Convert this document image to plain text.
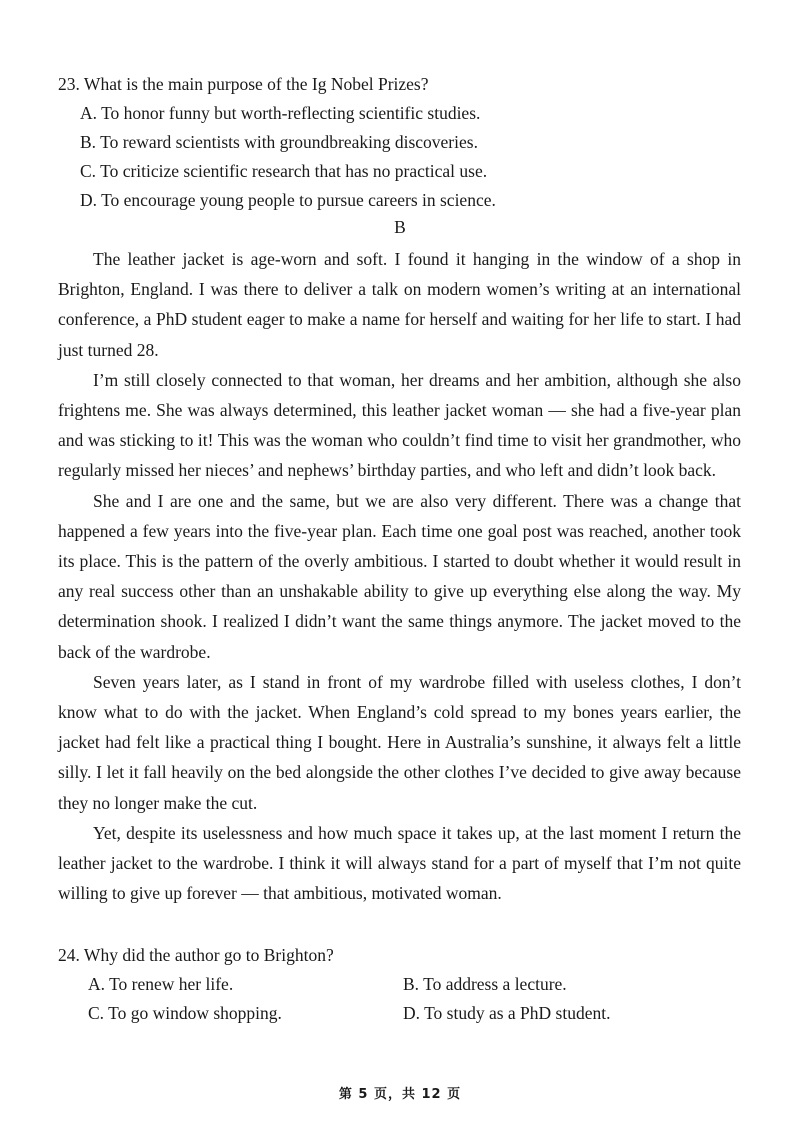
23. What is the main purpose of the Ig Nobel Prizes?
A. To honor funny but worth-reflecting scientific studies.
B. To reward scientists with groundbreaking discoveries.
C. To criticize scientific research that has no practical use.
D. To encourage young people to pursue careers in science.
B

The leather jacket is age-worn and soft. I found it hanging in the window of a shop in Brighton, England. I was there to deliver a talk on modern women’s writing at an international conference, a PhD student eager to make a name for herself and waiting for her life to start. I had just turned 28.

I’m still closely connected to that woman, her dreams and her ambition, although she also frightens me. She was always determined, this leather jacket woman — she had a five-year plan and was sticking to it! This was the woman who couldn’t find time to visit her grandmother, who regularly missed her nieces’ and nephews’ birthday parties, and who left and didn’t look back.

She and I are one and the same, but we are also very different. There was a change that happened a few years into the five-year plan. Each time one goal post was reached, another took its place. This is the pattern of the overly ambitious. I started to doubt whether it would result in any real success other than an unshakable ability to give up everything else along the way. My determination shook. I realized I didn’t want the same things anymore. The jacket moved to the back of the wardrobe.

Seven years later, as I stand in front of my wardrobe filled with useless clothes, I don’t know what to do with the jacket. When England’s cold spread to my bones years earlier, the jacket had felt like a practical thing I bought. Here in Australia’s sunshine, it always felt a little silly. I let it fall heavily on the bed alongside the other clothes I’ve decided to give away because they no longer make the cut.

Yet, despite its uselessness and how much space it takes up, at the last moment I return the leather jacket to the wardrobe. I think it will always stand for a part of myself that I’m not quite willing to give up forever — that ambitious, motivated woman.

24. Why did the author go to Brighton?
A. To renew her life.	B. To address a lecture.
C. To go window shopping.	D. To study as a PhD student.
第 5 页，共 12 页
